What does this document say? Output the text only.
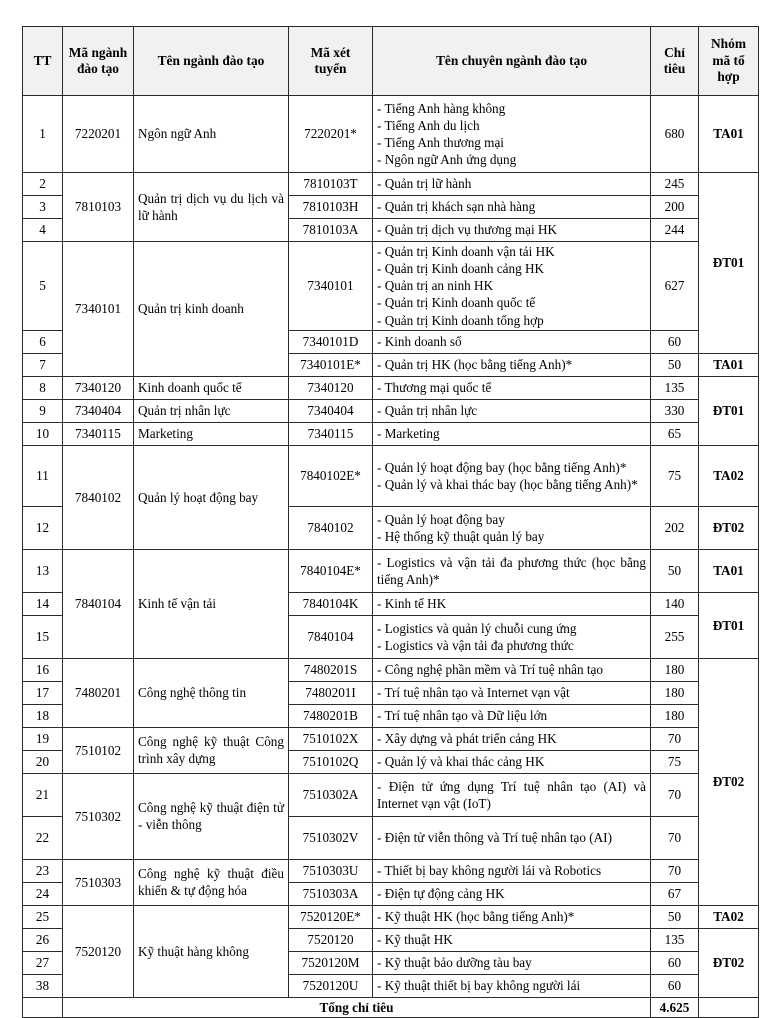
TT	Mã ngành đào tạo	Tên ngành đào tạo	Mã xét tuyển	Tên chuyên ngành đào tạo	Chỉ tiêu	Nhóm mã tổ hợp
1	7220201	Ngôn ngữ Anh	7220201*	- Tiếng Anh hàng không
- Tiếng Anh du lịch
- Tiếng Anh thương mại
- Ngôn ngữ Anh ứng dụng	680	TA01
2	7810103	Quản trị dịch vụ du lịch và lữ hành	7810103T	- Quản trị lữ hành	245	ĐT01
3			7810103H	- Quản trị khách sạn nhà hàng	200	
4			7810103A	- Quản trị dịch vụ thương mại HK	244	
5	7340101	Quản trị kinh doanh	7340101	- Quản trị Kinh doanh vận tải HK
- Quản trị Kinh doanh cảng HK
- Quản trị an ninh HK
- Quản trị Kinh doanh quốc tế
- Quản trị Kinh doanh tổng hợp	627	
6			7340101D	- Kinh doanh số	60	
7			7340101E*	- Quản trị HK (học bằng tiếng Anh)*	50	TA01
8	7340120	Kinh doanh quốc tế	7340120	- Thương mại quốc tế	135	ĐT01
9	7340404	Quản trị nhân lực	7340404	- Quản trị nhân lực	330	
10	7340115	Marketing	7340115	- Marketing	65	
11	7840102	Quản lý hoạt động bay	7840102E*	- Quản lý hoạt động bay (học bằng tiếng Anh)*
- Quản lý và khai thác bay (học bằng tiếng Anh)*	75	TA02
12			7840102	- Quản lý hoạt động bay
- Hệ thống kỹ thuật quản lý bay	202	ĐT02
13	7840104	Kinh tế vận tải	7840104E*	- Logistics và vận tải đa phương thức (học bằng tiếng Anh)*	50	TA01
14			7840104K	- Kinh tế HK	140	ĐT01
15			7840104	- Logistics và quản lý chuỗi cung ứng
- Logistics và vận tải đa phương thức	255	
16	7480201	Công nghệ thông tin	7480201S	- Công nghệ phần mềm và Trí tuệ nhân tạo	180	ĐT02
17			7480201I	- Trí tuệ nhân tạo và Internet vạn vật	180	
18			7480201B	- Trí tuệ nhân tạo và Dữ liệu lớn	180	
19	7510102	Công nghệ kỹ thuật Công trình xây dựng	7510102X	- Xây dựng và phát triển cảng HK	70	
20			7510102Q	- Quản lý và khai thác cảng HK	75	
21	7510302	Công nghệ kỹ thuật điện tử - viễn thông	7510302A	- Điện tử ứng dụng Trí tuệ nhân tạo (AI) và Internet vạn vật (IoT)	70	
22			7510302V	- Điện tử viễn thông và Trí tuệ nhân tạo (AI)	70	
23	7510303	Công nghệ kỹ thuật điều khiển & tự động hóa	7510303U	- Thiết bị bay không người lái và Robotics	70	
24			7510303A	- Điện tự động cảng HK	67	
25	7520120	Kỹ thuật hàng không	7520120E*	- Kỹ thuật HK (học bằng tiếng Anh)*	50	TA02
26			7520120	- Kỹ thuật HK	135	ĐT02
27			7520120M	- Kỹ thuật bảo dưỡng tàu bay	60	
38			7520120U	- Kỹ thuật thiết bị bay không người lái	60	
	Tổng chỉ tiêu				4.625	
